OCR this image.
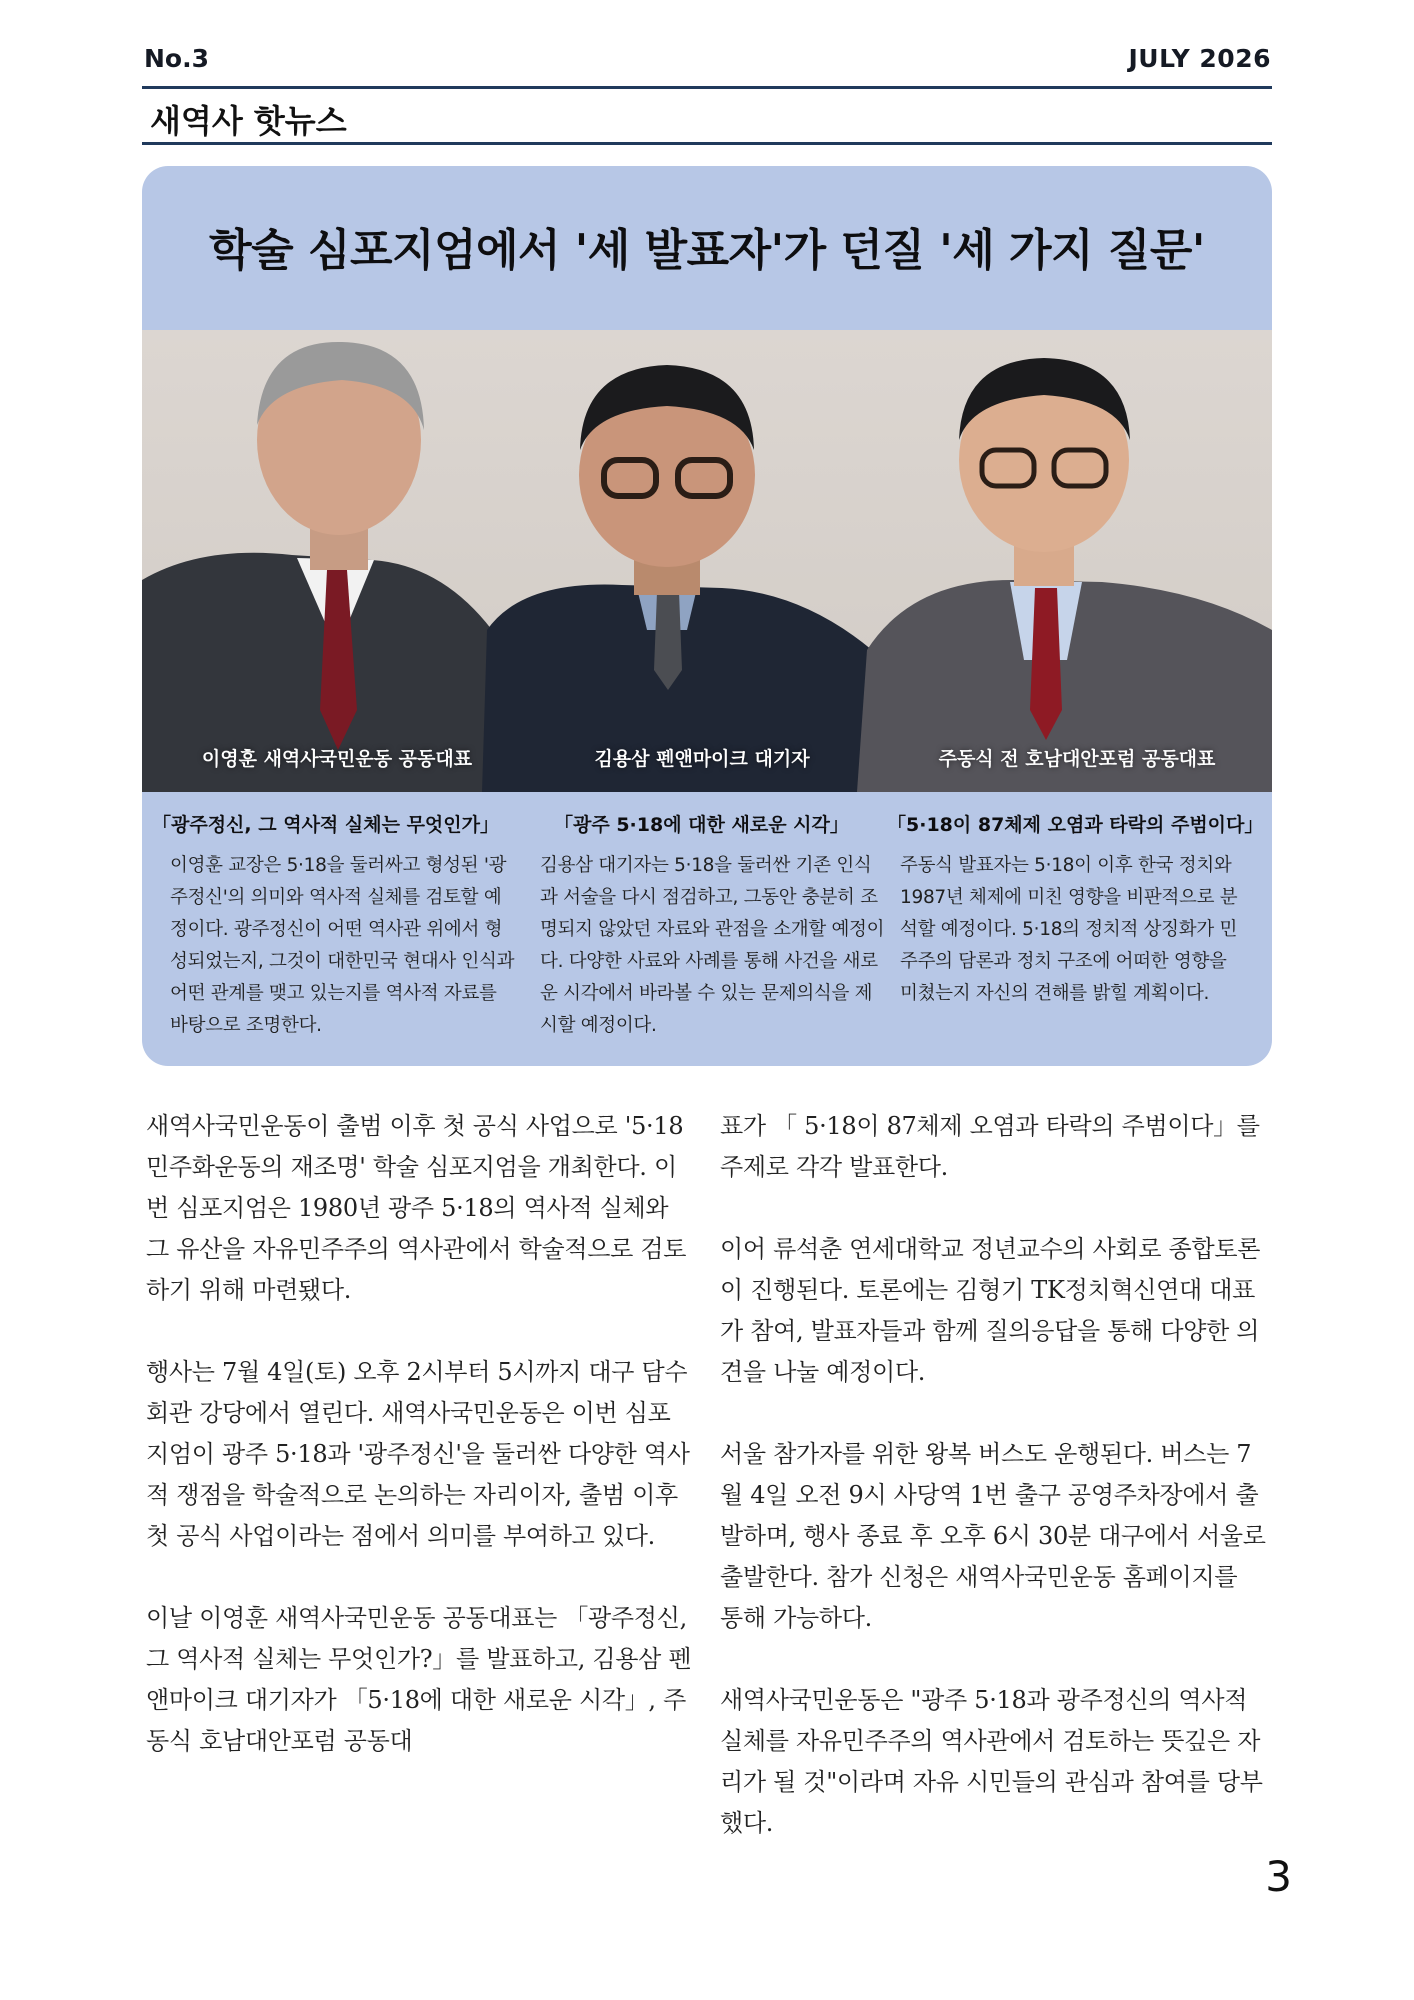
No.3	JULY 2026
새역사 핫뉴스
학술 심포지엄에서 '세 발표자'가 던질 '세 가지 질문'
이영훈 새역사국민운동 공동대표	김용삼 펜앤마이크 대기자	주동식 전 호남대안포럼 공동대표
「광주정신, 그 역사적 실체는 무엇인가」	「광주 5·18에 대한 새로운 시각」 「5·18이 87체제 오염과 타락의 주범이다」
이영훈 교장은 5·18을 둘러싸고 형성된 '광주정신'의 의미와 역사적 실체를 검토할 예정이다. 광주정신이 어떤 역사관 위에서 형성되었는지, 그것이 대한민국 현대사 인식과 어떤 관계를 맺고 있는지를 역사적 자료를 바탕으로 조명한다.
김용삼 대기자는 5·18을 둘러싼 기존 인식과 서술을 다시 점검하고, 그동안 충분히 조명되지 않았던 자료와 관점을 소개할 예정이다. 다양한 사료와 사례를 통해 사건을 새로운 시각에서 바라볼 수 있는 문제의식을 제시할 예정이다.
주동식 발표자는 5·18이 이후 한국 정치와 1987년 체제에 미친 영향을 비판적으로 분석할 예정이다. 5·18의 정치적 상징화가 민주주의 담론과 정치 구조에 어떠한 영향을 미쳤는지 자신의 견해를 밝힐 계획이다.

새역사국민운동이 출범 이후 첫 공식 사업으로 '5·18 민주화운동의 재조명' 학술 심포지엄을 개최한다. 이번 심포지엄은 1980년 광주 5·18의 역사적 실체와 그 유산을 자유민주주의 역사관에서 학술적으로 검토하기 위해 마련됐다.

행사는 7월 4일(토) 오후 2시부터 5시까지 대구 담수회관 강당에서 열린다. 새역사국민운동은 이번 심포지엄이 광주 5·18과 '광주정신'을 둘러싼 다양한 역사적 쟁점을 학술적으로 논의하는 자리이자, 출범 이후 첫 공식 사업이라는 점에서 의미를 부여하고 있다.

이날 이영훈 새역사국민운동 공동대표는 「광주정신, 그 역사적 실체는 무엇인가?」를 발표하고, 김용삼 펜앤마이크 대기자가 「5·18에 대한 새로운 시각」, 주동식 호남대안포럼 공동대

표가 「 5·18이 87체제 오염과 타락의 주범이다」를 주제로 각각 발표한다.

이어 류석춘 연세대학교 정년교수의 사회로 종합토론이 진행된다. 토론에는 김형기 TK정치혁신연대 대표가 참여, 발표자들과 함께 질의응답을 통해 다양한 의견을 나눌 예정이다.

서울 참가자를 위한 왕복 버스도 운행된다. 버스는 7월 4일 오전 9시 사당역 1번 출구 공영주차장에서 출발하며, 행사 종료 후 오후 6시 30분 대구에서 서울로 출발한다. 참가 신청은 새역사국민운동 홈페이지를 통해 가능하다.

새역사국민운동은 "광주 5·18과 광주정신의 역사적 실체를 자유민주주의 역사관에서 검토하는 뜻깊은 자리가 될 것"이라며 자유 시민들의 관심과 참여를 당부했다.

3
